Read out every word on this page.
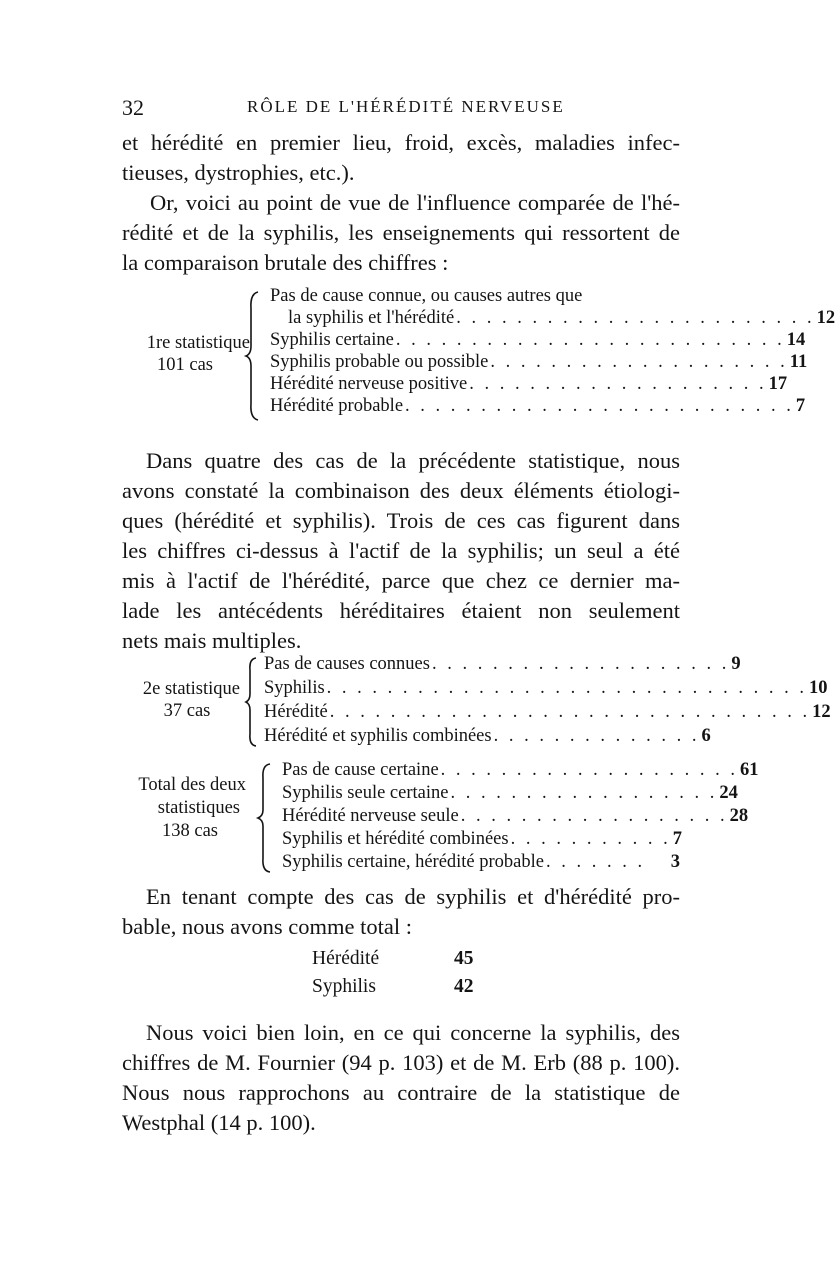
32	RÔLE DE L'HÉRÉDITÉ NERVEUSE
et hérédité en premier lieu, froid, excès, maladies infec-
tieuses, dystrophies, etc.).
Or, voici au point de vue de l'influence comparée de l'hé-
rédité et de la syphilis, les enseignements qui ressortent de
la comparaison brutale des chiffres :
1re statistique
101 cas
Pas de cause connue, ou causes autres que
la syphilis et l'hérédité . . . . . . . . . . . . . . . . . . . . . . . . 12
Syphilis certaine . . . . . . . . . . . . . . . . . . . . . . . . . . 14
Syphilis probable ou possible . . . . . . . . . . . . . . . . . . . . 11
Hérédité nerveuse positive . . . . . . . . . . . . . . . . . . . . 17
Hérédité probable . . . . . . . . . . . . . . . . . . . . . . . . . . 7
Dans quatre des cas de la précédente statistique, nous
avons constaté la combinaison des deux éléments étiologi-
ques (hérédité et syphilis). Trois de ces cas figurent dans
les chiffres ci-dessus à l'actif de la syphilis; un seul a été
mis à l'actif de l'hérédité, parce que chez ce dernier ma-
lade les antécédents héréditaires étaient non seulement
nets mais multiples.
2e statistique
37 cas
Pas de causes connues . . . . . . . . . . . . . . . . . . . . 9
Syphilis . . . . . . . . . . . . . . . . . . . . . . . . . . . . . . . . 10
Hérédité . . . . . . . . . . . . . . . . . . . . . . . . . . . . . . . . 12
Hérédité et syphilis combinées . . . . . . . . . . . . . . 6
Total des deux
statistiques
138 cas
Pas de cause certaine . . . . . . . . . . . . . . . . . . . . 61
Syphilis seule certaine . . . . . . . . . . . . . . . . . . 24
Hérédité nerveuse seule . . . . . . . . . . . . . . . . . . 28
Syphilis et hérédité combinées . . . . . . . . . . . 7
Syphilis certaine, hérédité probable . . . . . . .	3
En tenant compte des cas de syphilis et d'hérédité pro-
bable, nous avons comme total :
Hérédité	45
Syphilis	42
Nous voici bien loin, en ce qui concerne la syphilis, des
chiffres de M. Fournier (94 p. 103) et de M. Erb (88 p. 100).
Nous nous rapprochons au contraire de la statistique de
Westphal (14 p. 100).
